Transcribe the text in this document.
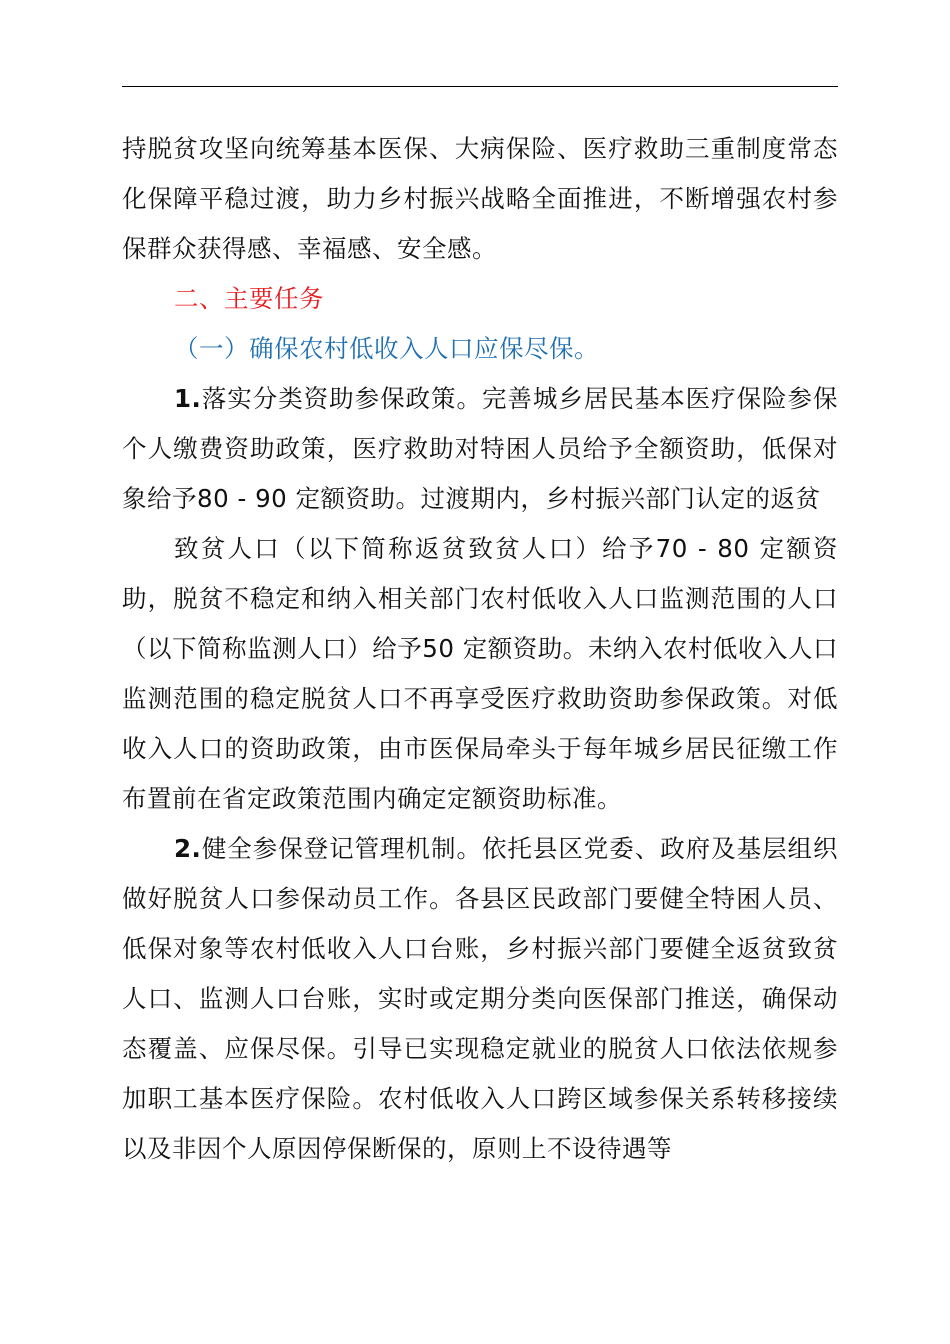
持脱贫攻坚向统筹基本医保、大病保险、医疗救助三重制度常态化保障平稳过渡，助力乡村振兴战略全面推进，不断增强农村参保群众获得感、幸福感、安全感。

二、主要任务

（一）确保农村低收入人口应保尽保。

1.落实分类资助参保政策。完善城乡居民基本医疗保险参保个人缴费资助政策，医疗救助对特困人员给予全额资助，低保对象给予80 - 90 定额资助。过渡期内，乡村振兴部门认定的返贫

致贫人口（以下简称返贫致贫人口）给予70 - 80 定额资助，脱贫不稳定和纳入相关部门农村低收入人口监测范围的人口（以下简称监测人口）给予50 定额资助。未纳入农村低收入人口监测范围的稳定脱贫人口不再享受医疗救助资助参保政策。对低收入人口的资助政策，由市医保局牵头于每年城乡居民征缴工作布置前在省定政策范围内确定定额资助标准。

2.健全参保登记管理机制。依托县区党委、政府及基层组织做好脱贫人口参保动员工作。各县区民政部门要健全特困人员、低保对象等农村低收入人口台账，乡村振兴部门要健全返贫致贫人口、监测人口台账，实时或定期分类向医保部门推送，确保动态覆盖、应保尽保。引导已实现稳定就业的脱贫人口依法依规参加职工基本医疗保险。农村低收入人口跨区域参保关系转移接续以及非因个人原因停保断保的，原则上不设待遇等
